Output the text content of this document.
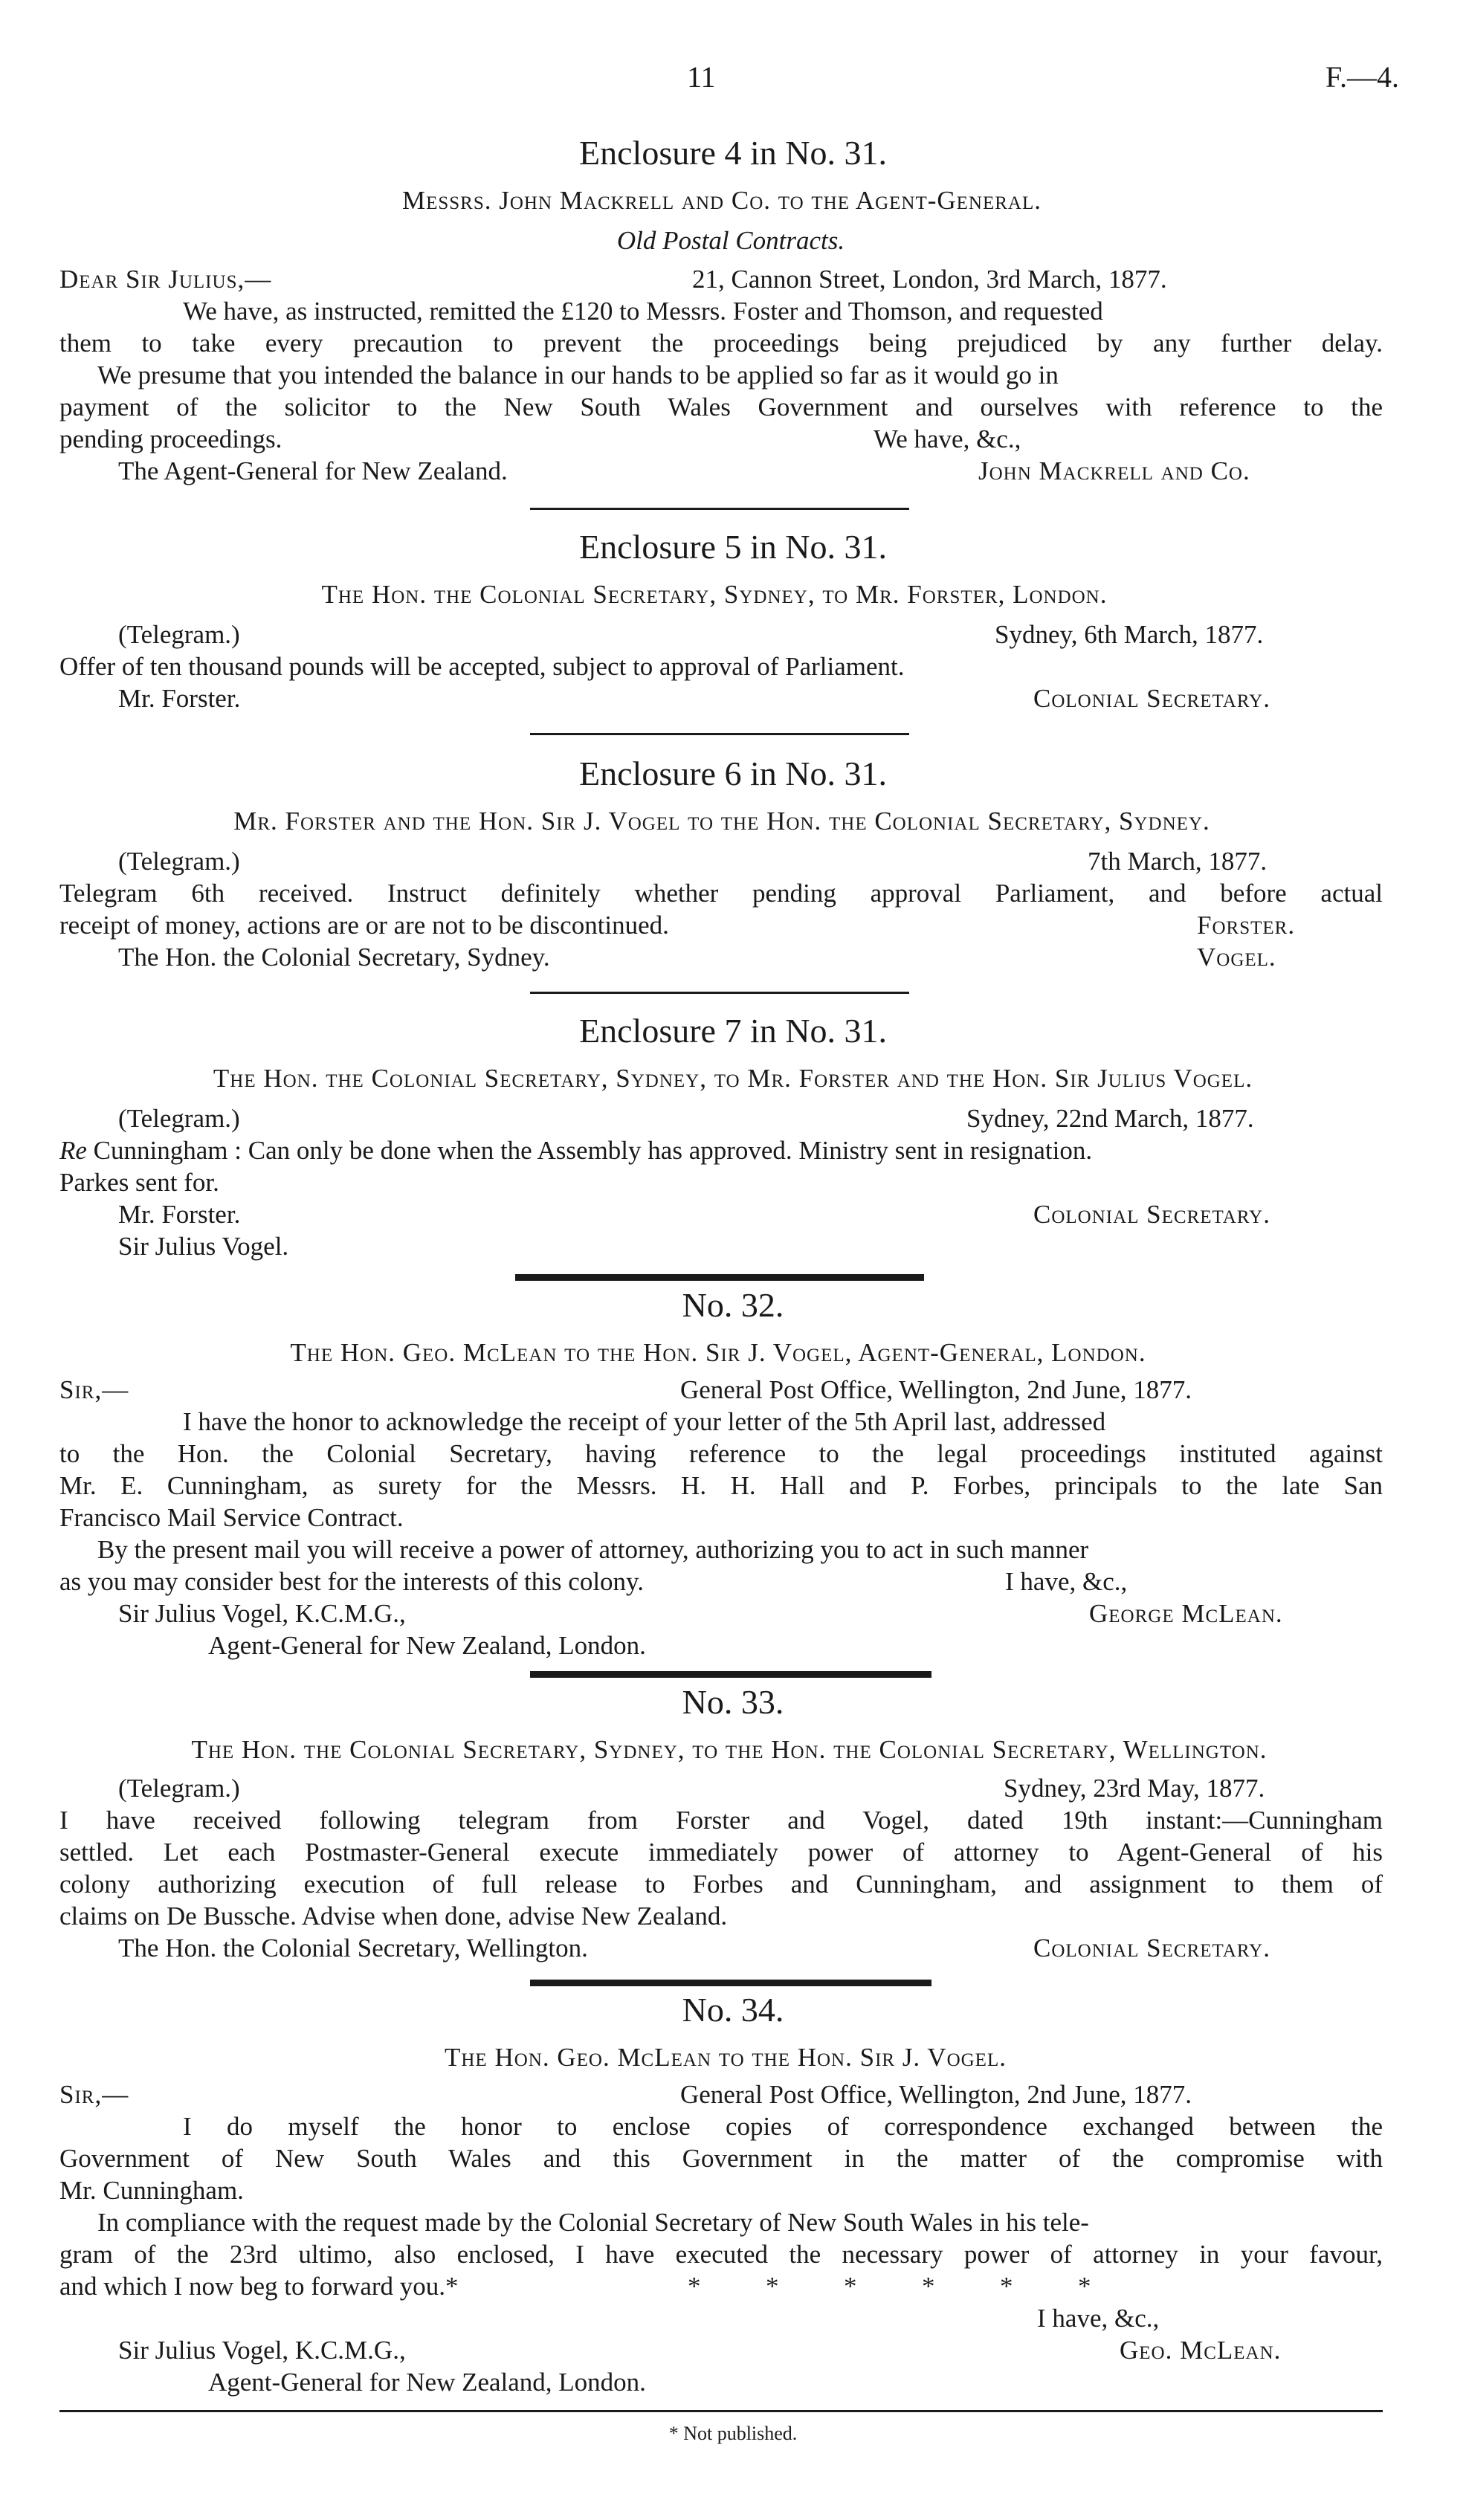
11	F.—4.
Enclosure 4 in No. 31.
Messrs. John Mackrell and Co. to the Agent-General.
Old Postal Contracts.
Dear Sir Julius,—	21, Cannon Street, London, 3rd March, 1877.
We have, as instructed, remitted the £120 to Messrs. Foster and Thomson, and requested
them to take every precaution to prevent the proceedings being prejudiced by any further delay.
We presume that you intended the balance in our hands to be applied so far as it would go in
payment of the solicitor to the New South Wales Government and ourselves with reference to the
pending proceedings.	We have, &c.,
The Agent-General for New Zealand.	John Mackrell and Co.
Enclosure 5 in No. 31.
The Hon. the Colonial Secretary, Sydney, to Mr. Forster, London.
(Telegram.)	Sydney, 6th March, 1877.
Offer of ten thousand pounds will be accepted, subject to approval of Parliament.
Mr. Forster.	Colonial Secretary.
Enclosure 6 in No. 31.
Mr. Forster and the Hon. Sir J. Vogel to the Hon. the Colonial Secretary, Sydney.
(Telegram.)	7th March, 1877.
Telegram 6th received. Instruct definitely whether pending approval Parliament, and before actual
receipt of money, actions are or are not to be discontinued.	Forster.
The Hon. the Colonial Secretary, Sydney.	Vogel.
Enclosure 7 in No. 31.
The Hon. the Colonial Secretary, Sydney, to Mr. Forster and the Hon. Sir Julius Vogel.
(Telegram.)	Sydney, 22nd March, 1877.
Re Cunningham : Can only be done when the Assembly has approved. Ministry sent in resignation.
Parkes sent for.
Mr. Forster.	Colonial Secretary.
Sir Julius Vogel.
No. 32.
The Hon. Geo. McLean to the Hon. Sir J. Vogel, Agent-General, London.
Sir,—	General Post Office, Wellington, 2nd June, 1877.
I have the honor to acknowledge the receipt of your letter of the 5th April last, addressed
to the Hon. the Colonial Secretary, having reference to the legal proceedings instituted against
Mr. E. Cunningham, as surety for the Messrs. H. H. Hall and P. Forbes, principals to the late San
Francisco Mail Service Contract.
By the present mail you will receive a power of attorney, authorizing you to act in such manner
as you may consider best for the interests of this colony.	I have, &c.,
Sir Julius Vogel, K.C.M.G.,	George McLean.
Agent-General for New Zealand, London.
No. 33.
The Hon. the Colonial Secretary, Sydney, to the Hon. the Colonial Secretary, Wellington.
(Telegram.)	Sydney, 23rd May, 1877.
I have received following telegram from Forster and Vogel, dated 19th instant:—Cunningham
settled. Let each Postmaster-General execute immediately power of attorney to Agent-General of his
colony authorizing execution of full release to Forbes and Cunningham, and assignment to them of
claims on De Bussche. Advise when done, advise New Zealand.
The Hon. the Colonial Secretary, Wellington.	Colonial Secretary.
No. 34.
The Hon. Geo. McLean to the Hon. Sir J. Vogel.
Sir,—	General Post Office, Wellington, 2nd June, 1877.
I do myself the honor to enclose copies of correspondence exchanged between the
Government of New South Wales and this Government in the matter of the compromise with
Mr. Cunningham.
In compliance with the request made by the Colonial Secretary of New South Wales in his tele-
gram of the 23rd ultimo, also enclosed, I have executed the necessary power of attorney in your favour,
and which I now beg to forward you.*	*          *          *          *          *          *
I have, &c.,
Sir Julius Vogel, K.C.M.G.,	Geo. McLean.
Agent-General for New Zealand, London.
* Not published.
